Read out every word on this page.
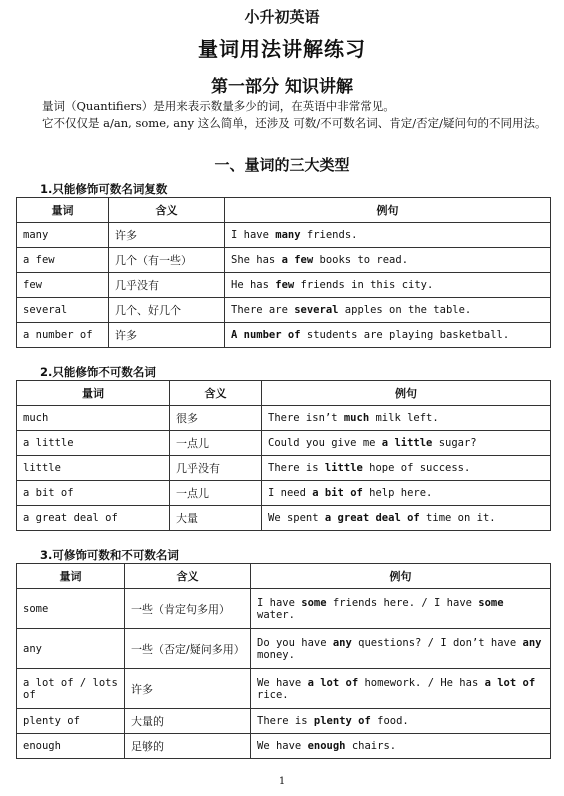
小升初英语
量词用法讲解练习
第一部分 知识讲解

量词（Quantifiers）是用来表示数量多少的词，在英语中非常常见。

它不仅仅是 a/an, some, any 这么简单，还涉及 可数/不可数名词、肯定/否定/疑问句的不同用法。

一、量词的三大类型
1.只能修饰可数名词复数
量词	含义	例句
many	许多	I have many friends.
a few	几个（有一些）	She has a few books to read.
few	几乎没有	He has few friends in this city.
several	几个、好几个	There are several apples on the table.
a number of	许多	A number of students are playing basketball.
2.只能修饰不可数名词
量词	含义	例句
much	很多	There isn’t much milk left.
a little	一点儿	Could you give me a little sugar?
little	几乎没有	There is little hope of success.
a bit of	一点儿	I need a bit of help here.
a great deal of	大量	We spent a great deal of time on it.
3.可修饰可数和不可数名词
量词	含义	例句
some	一些（肯定句多用）	I have some friends here. / I have some water.
any	一些（否定/疑问多用）	Do you have any questions? / I don’t have any money.
a lot of / lots of	许多	We have a lot of homework. / He has a lot of rice.
plenty of	大量的	There is plenty of food.
enough	足够的	We have enough chairs.
1
